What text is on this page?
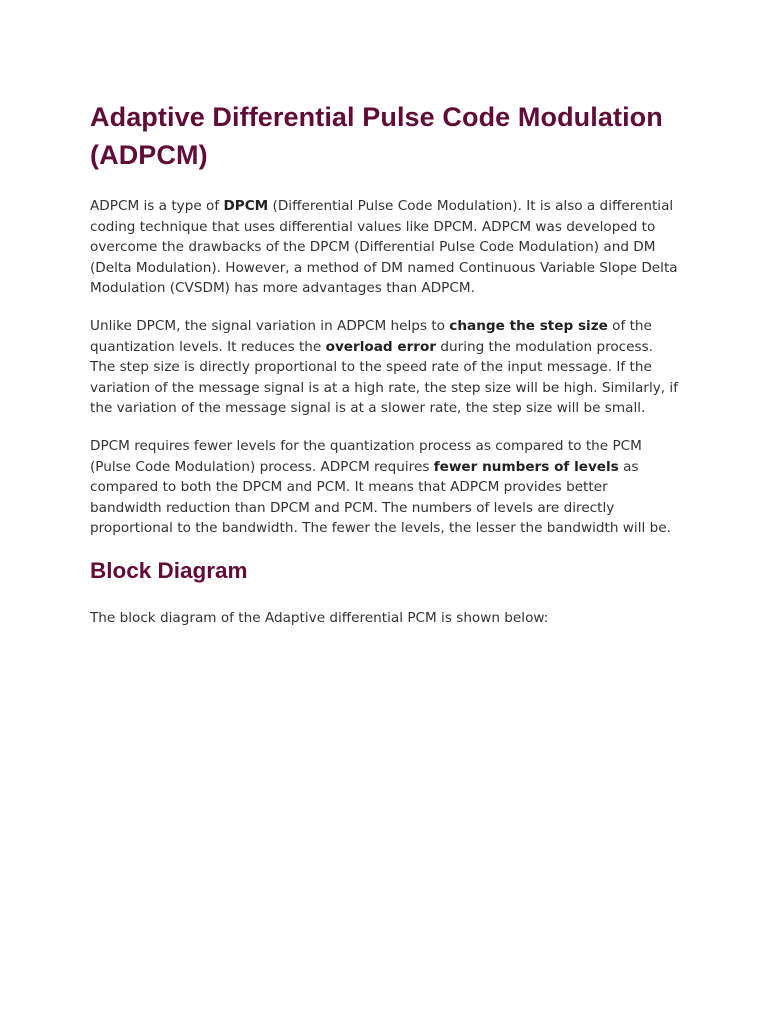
Adaptive Differential Pulse Code Modulation (ADPCM)

ADPCM is a type of DPCM (Differential Pulse Code Modulation). It is also a differential coding technique that uses differential values like DPCM. ADPCM was developed to overcome the drawbacks of the DPCM (Differential Pulse Code Modulation) and DM (Delta Modulation). However, a method of DM named Continuous Variable Slope Delta Modulation (CVSDM) has more advantages than ADPCM.

Unlike DPCM, the signal variation in ADPCM helps to change the step size of the quantization levels. It reduces the overload error during the modulation process. The step size is directly proportional to the speed rate of the input message. If the variation of the message signal is at a high rate, the step size will be high. Similarly, if the variation of the message signal is at a slower rate, the step size will be small.

DPCM requires fewer levels for the quantization process as compared to the PCM (Pulse Code Modulation) process. ADPCM requires fewer numbers of levels as compared to both the DPCM and PCM. It means that ADPCM provides better bandwidth reduction than DPCM and PCM. The numbers of levels are directly proportional to the bandwidth. The fewer the levels, the lesser the bandwidth will be.

Block Diagram

The block diagram of the Adaptive differential PCM is shown below:
